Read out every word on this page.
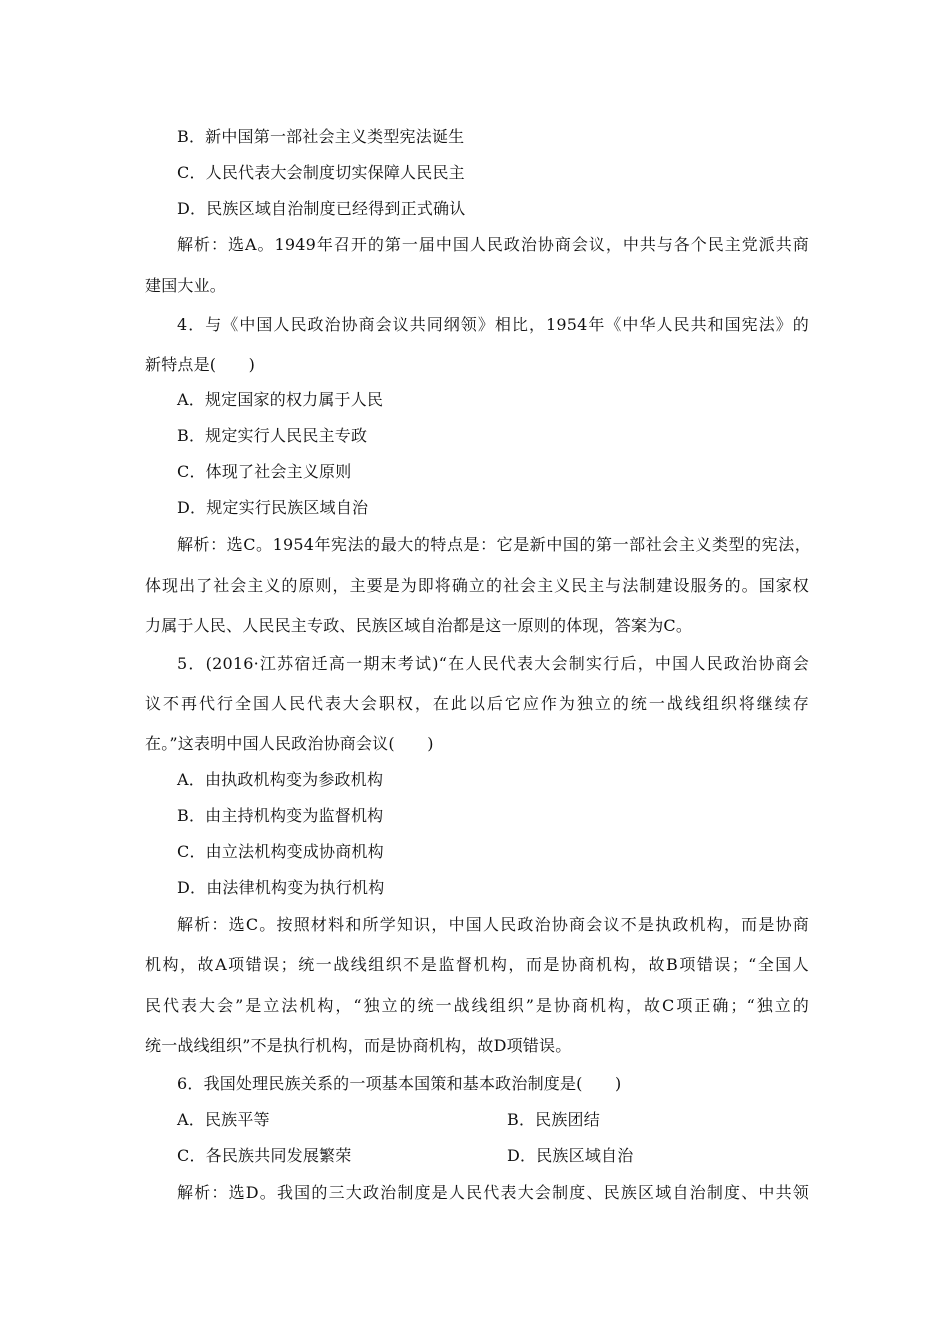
B．新中国第一部社会主义类型宪法诞生
C．人民代表大会制度切实保障人民民主
D．民族区域自治制度已经得到正式确认
解析：选A。1949年召开的第一届中国人民政治协商会议，中共与各个民主党派共商
建国大业。
4．与《中国人民政治协商会议共同纲领》相比，1954年《中华人民共和国宪法》的
新特点是(　　)
A．规定国家的权力属于人民
B．规定实行人民民主专政
C．体现了社会主义原则
D．规定实行民族区域自治
解析：选C。1954年宪法的最大的特点是：它是新中国的第一部社会主义类型的宪法，
体现出了社会主义的原则，主要是为即将确立的社会主义民主与法制建设服务的。国家权
力属于人民、人民民主专政、民族区域自治都是这一原则的体现，答案为C。
5．(2016·江苏宿迁高一期末考试)“在人民代表大会制实行后，中国人民政治协商会
议不再代行全国人民代表大会职权，在此以后它应作为独立的统一战线组织将继续存
在。”这表明中国人民政治协商会议(　　)
A．由执政机构变为参政机构
B．由主持机构变为监督机构
C．由立法机构变成协商机构
D．由法律机构变为执行机构
解析：选C。按照材料和所学知识，中国人民政治协商会议不是执政机构，而是协商
机构，故A项错误；统一战线组织不是监督机构，而是协商机构，故B项错误；“全国人
民代表大会”是立法机构，“独立的统一战线组织”是协商机构，故C项正确；“独立的
统一战线组织”不是执行机构，而是协商机构，故D项错误。
6．我国处理民族关系的一项基本国策和基本政治制度是(　　)
A．民族平等	B．民族团结
C．各民族共同发展繁荣	D．民族区域自治
解析：选D。我国的三大政治制度是人民代表大会制度、民族区域自治制度、中共领
